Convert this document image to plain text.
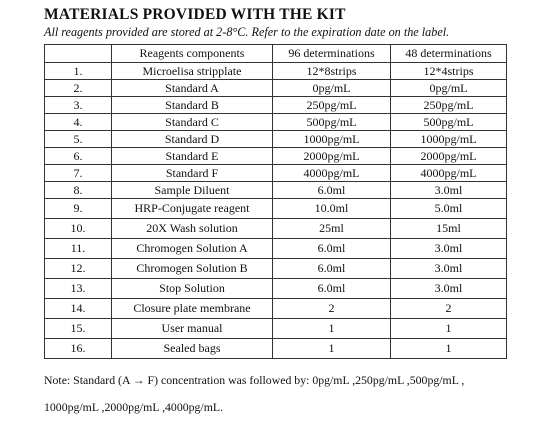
MATERIALS PROVIDED WITH THE KIT
All reagents provided are stored at 2-8°C. Refer to the expiration date on the label.
	Reagents components	96 determinations	48 determinations
1.	Microelisa stripplate	12*8strips	12*4strips
2.	Standard A	0pg/mL	0pg/mL
3.	Standard B	250pg/mL	250pg/mL
4.	Standard C	500pg/mL	500pg/mL
5.	Standard D	1000pg/mL	1000pg/mL
6.	Standard E	2000pg/mL	2000pg/mL
7.	Standard F	4000pg/mL	4000pg/mL
8.	Sample Diluent	6.0ml	3.0ml
9.	HRP-Conjugate reagent	10.0ml	5.0ml
10.	20X Wash solution	25ml	15ml
11.	Chromogen Solution A	6.0ml	3.0ml
12.	Chromogen Solution B	6.0ml	3.0ml
13.	Stop Solution	6.0ml	3.0ml
14.	Closure plate membrane	2	2
15.	User manual	1	1
16.	Sealed bags	1	1
Note: Standard (A → F) concentration was followed by: 0pg/mL ,250pg/mL ,500pg/mL ,
1000pg/mL ,2000pg/mL ,4000pg/mL.
